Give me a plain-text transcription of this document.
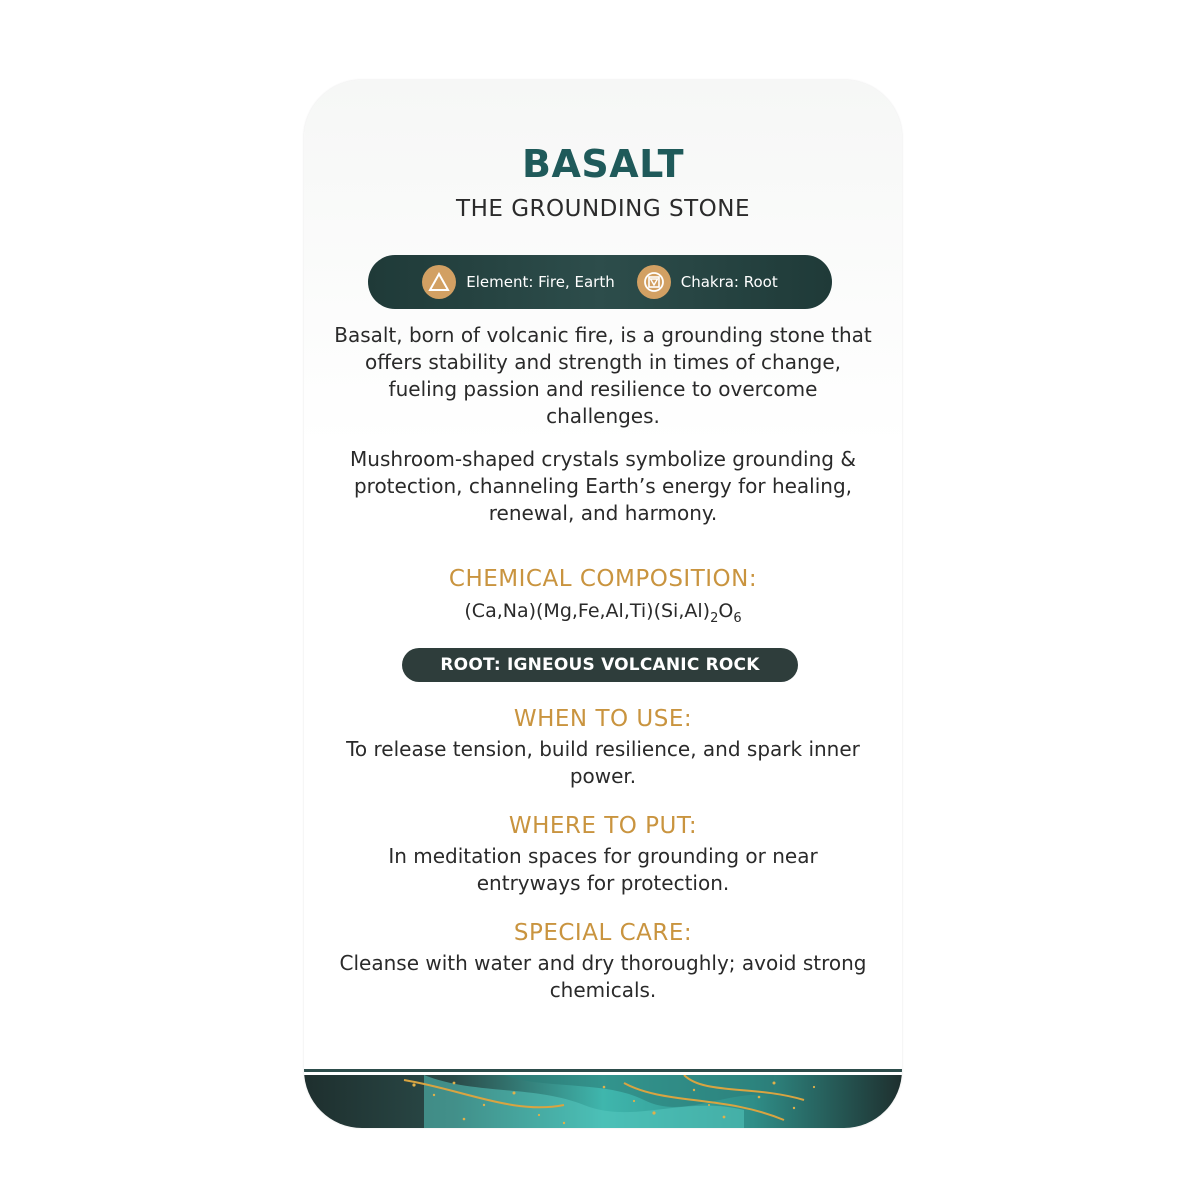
BASALT
THE GROUNDING STONE
Element: Fire, Earth	Chakra: Root
Basalt, born of volcanic fire, is a grounding stone that offers stability and strength in times of change, fueling passion and resilience to overcome challenges.
Mushroom-shaped crystals symbolize grounding & protection, channeling Earth’s energy for healing, renewal, and harmony.
CHEMICAL COMPOSITION:
$(Ca,Na)(Mg,Fe,Al,Ti)(Si,Al)_2O_6$
ROOT: IGNEOUS VOLCANIC ROCK
WHEN TO USE:
To release tension, build resilience, and spark inner power.
WHERE TO PUT:
In meditation spaces for grounding or near entryways for protection.
SPECIAL CARE:
Cleanse with water and dry thoroughly; avoid strong chemicals.
